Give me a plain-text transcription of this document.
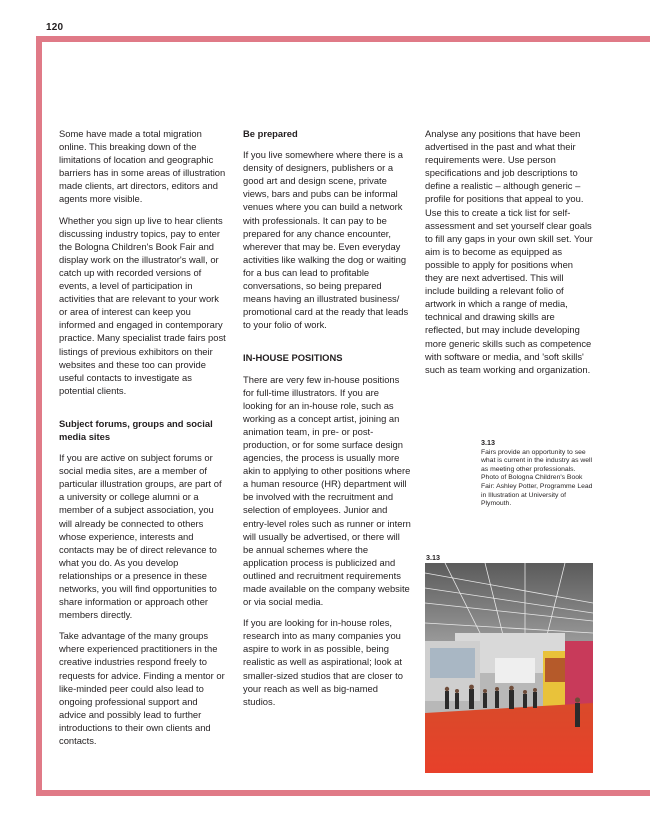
120

Some have made a total migration online. This breaking down of the limitations of location and geographic barriers has in some areas of illustration made clients, art directors, editors and agents more visible.

Whether you sign up live to hear clients discussing industry topics, pay to enter the Bologna Children's Book Fair and display work on the illustrator's wall, or catch up with recorded versions of events, a level of participation in activities that are relevant to your work or area of interest can keep you informed and engaged in contemporary practice. Many specialist trade fairs post listings of previous exhibitors on their websites and these too can provide useful contacts to investigate as potential clients.

Subject forums, groups and social media sites

If you are active on subject forums or social media sites, are a member of particular illustration groups, are part of a university or college alumni or a member of a subject association, you will already be connected to others whose experience, interests and contacts may be of direct relevance to what you do. As you develop relationships or a presence in these networks, you will find opportunities to share information or approach other members directly.

Take advantage of the many groups where experienced practitioners in the creative industries respond freely to requests for advice. Finding a mentor or like-minded peer could also lead to ongoing professional support and advice and possibly lead to further introductions to their own clients and contacts.

Be prepared

If you live somewhere where there is a density of designers, publishers or a good art and design scene, private views, bars and pubs can be informal venues where you can build a network with professionals. It can pay to be prepared for any chance encounter, wherever that may be. Even everyday activities like walking the dog or waiting for a bus can lead to profitable conversations, so being prepared means having an illustrated business/ promotional card at the ready that leads to your folio of work.

IN-HOUSE POSITIONS

There are very few in-house positions for full-time illustrators. If you are looking for an in-house role, such as working as a concept artist, joining an animation team, in pre- or post-production, or for some surface design agencies, the process is usually more akin to applying to other positions where a human resource (HR) department will be involved with the recruitment and selection of employees. Junior and entry-level roles such as runner or intern will usually be advertised, or there will be annual schemes where the application process is publicized and outlined and recruitment requirements made available on the company website or via social media.

If you are looking for in-house roles, research into as many companies you aspire to work in as possible, being realistic as well as aspirational; look at smaller-sized studios that are closer to your reach as well as big-named studios.

Analyse any positions that have been advertised in the past and what their requirements were. Use person specifications and job descriptions to define a realistic – although generic – profile for positions that appeal to you. Use this to create a tick list for self-assessment and set yourself clear goals to fill any gaps in your own skill set. Your aim is to become as equipped as possible to apply for positions when they are next advertised. This will include building a relevant folio of artwork in which a range of media, technical and drawing skills are reflected, but may include developing more generic skills such as competence with software or media, and 'soft skills' such as team working and organization.

3.13

Fairs provide an opportunity to see what is current in the industry as well as meeting other professionals.

Photo of Bologna Children's Book Fair: Ashley Potter, Programme Lead in Illustration at University of Plymouth.

3.13
